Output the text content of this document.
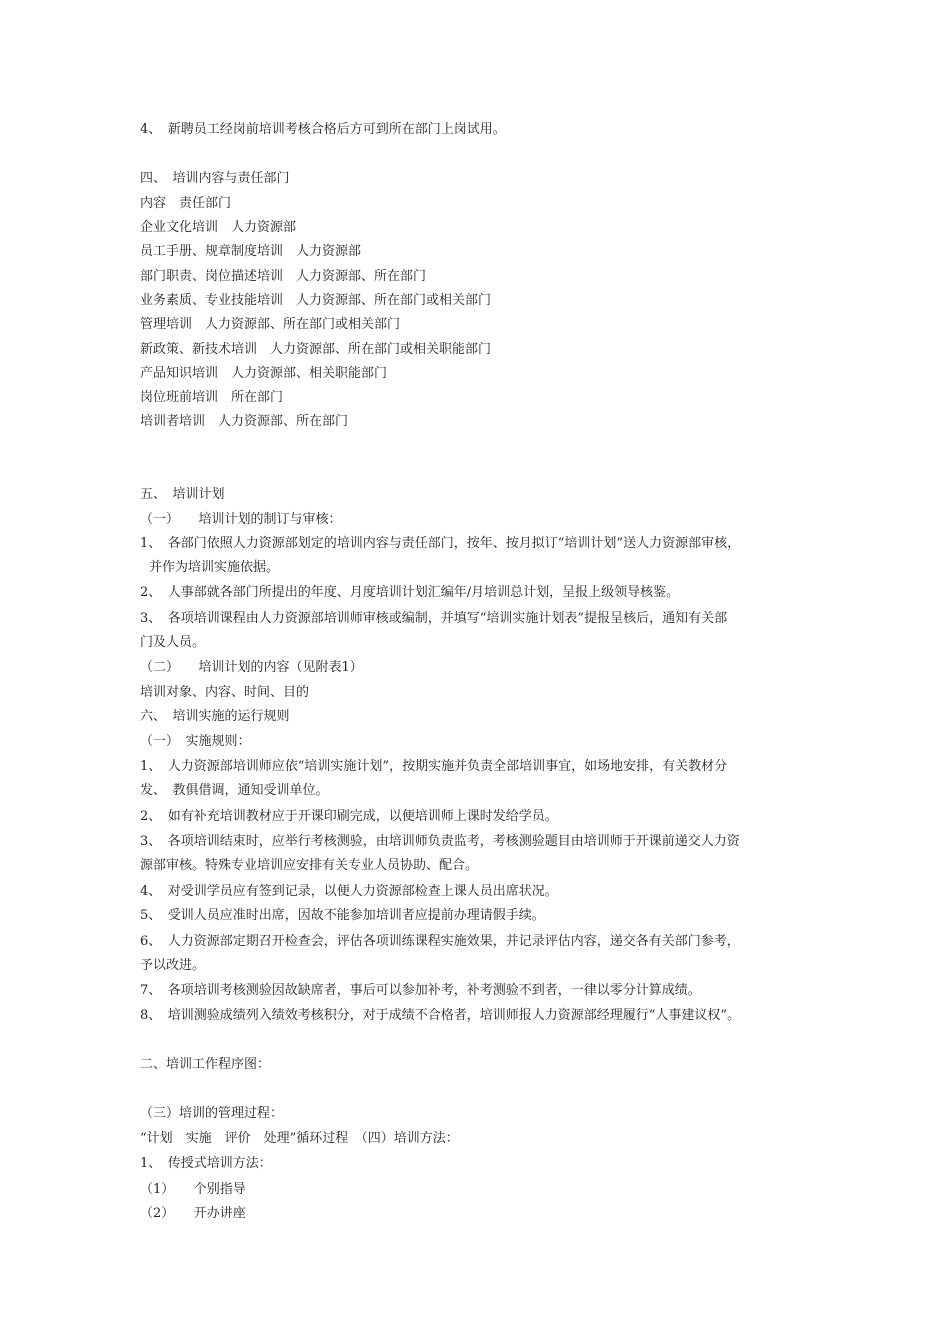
4、　新聘员工经岗前培训考核合格后方可到所在部门上岗试用。
四、　培训内容与责任部门
内容　责任部门
企业文化培训　人力资源部
员工手册、规章制度培训　人力资源部
部门职责、岗位描述培训　人力资源部、所在部门
业务素质、专业技能培训　人力资源部、所在部门或相关部门
管理培训　人力资源部、所在部门或相关部门
新政策、新技术培训　人力资源部、所在部门或相关职能部门
产品知识培训　人力资源部、相关职能部门
岗位班前培训　所在部门
培训者培训　人力资源部、所在部门
五、　培训计划
（一）　　培训计划的制订与审核：
1、　各部门依照人力资源部划定的培训内容与责任部门，按年、按月拟订“培训计划”送人力资源部审核，
并作为培训实施依据。
2、　人事部就各部门所提出的年度、月度培训计划汇编年/月培训总计划，呈报上级领导核鉴。
3、　各项培训课程由人力资源部培训师审核或编制，并填写“培训实施计划表”提报呈核后，通知有关部
门及人员。
（二）　　培训计划的内容（见附表1）
培训对象、内容、时间、目的
六、　培训实施的运行规则
（一）　实施规则：
1、　人力资源部培训师应依“培训实施计划”，按期实施并负责全部培训事宜，如场地安排，有关教材分
发、　教俱借调，通知受训单位。
2、　如有补充培训教材应于开课印刷完成，以便培训师上课时发给学员。
3、　各项培训结束时，应举行考核测验，由培训师负责监考，考核测验题目由培训师于开课前递交人力资
源部审核。特殊专业培训应安排有关专业人员协助、配合。
4、　对受训学员应有签到记录，以便人力资源部检查上课人员出席状况。
5、　受训人员应准时出席，因故不能参加培训者应提前办理请假手续。
6、　人力资源部定期召开检查会，评估各项训练课程实施效果，并记录评估内容，递交各有关部门参考，
予以改进。
7、　各项培训考核测验因故缺席者，事后可以参加补考，补考测验不到者，一律以零分计算成绩。
8、　培训测验成绩列入绩效考核积分，对于成绩不合格者，培训师报人力资源部经理履行“人事建议权”。
二、培训工作程序图：
（三）培训的管理过程：
“计划　实施　评价　处理”循环过程　（四）培训方法：
1、　传授式培训方法：
（1）　　个别指导
（2）　　开办讲座
